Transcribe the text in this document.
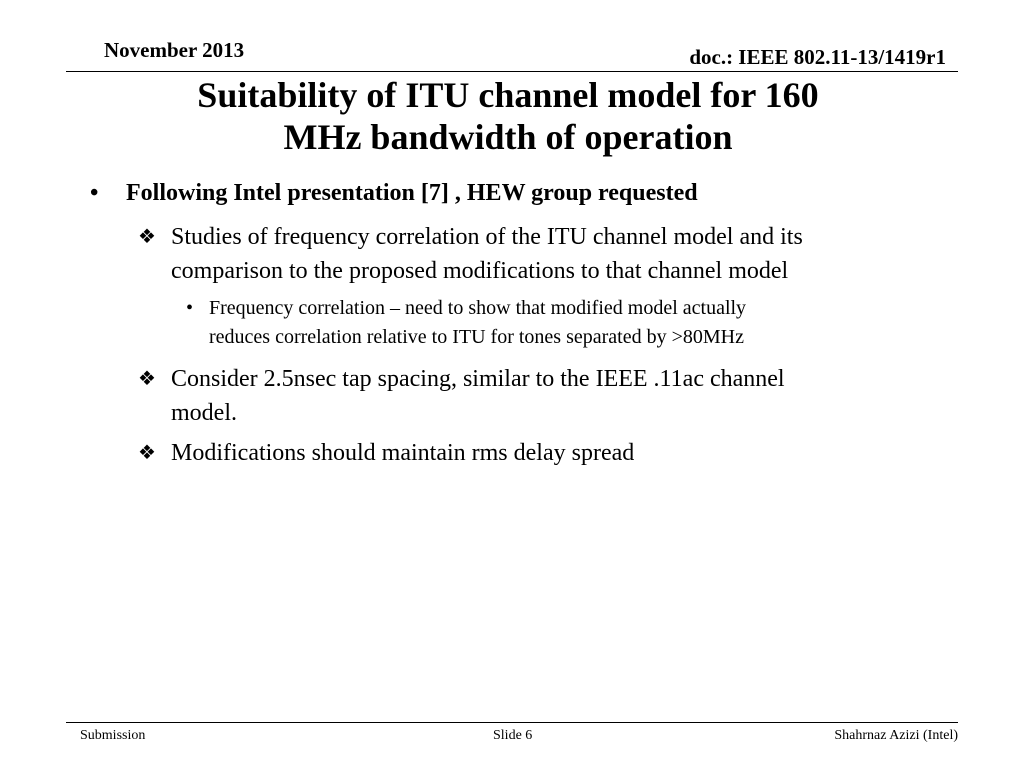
November 2013	doc.: IEEE 802.11-13/1419r1
Suitability of ITU channel model for 160
MHz bandwidth of operation
• Following Intel presentation [7] , HEW group requested
❖ Studies of frequency correlation of the ITU channel model and its
comparison to the proposed modifications to that channel model
• Frequency correlation – need to show that modified model actually
reduces correlation relative to ITU for tones separated by >80MHz
❖ Consider 2.5nsec tap spacing, similar to the IEEE .11ac channel
model.
❖ Modifications should maintain rms delay spread
Submission	Slide 6	Shahrnaz Azizi (Intel)
